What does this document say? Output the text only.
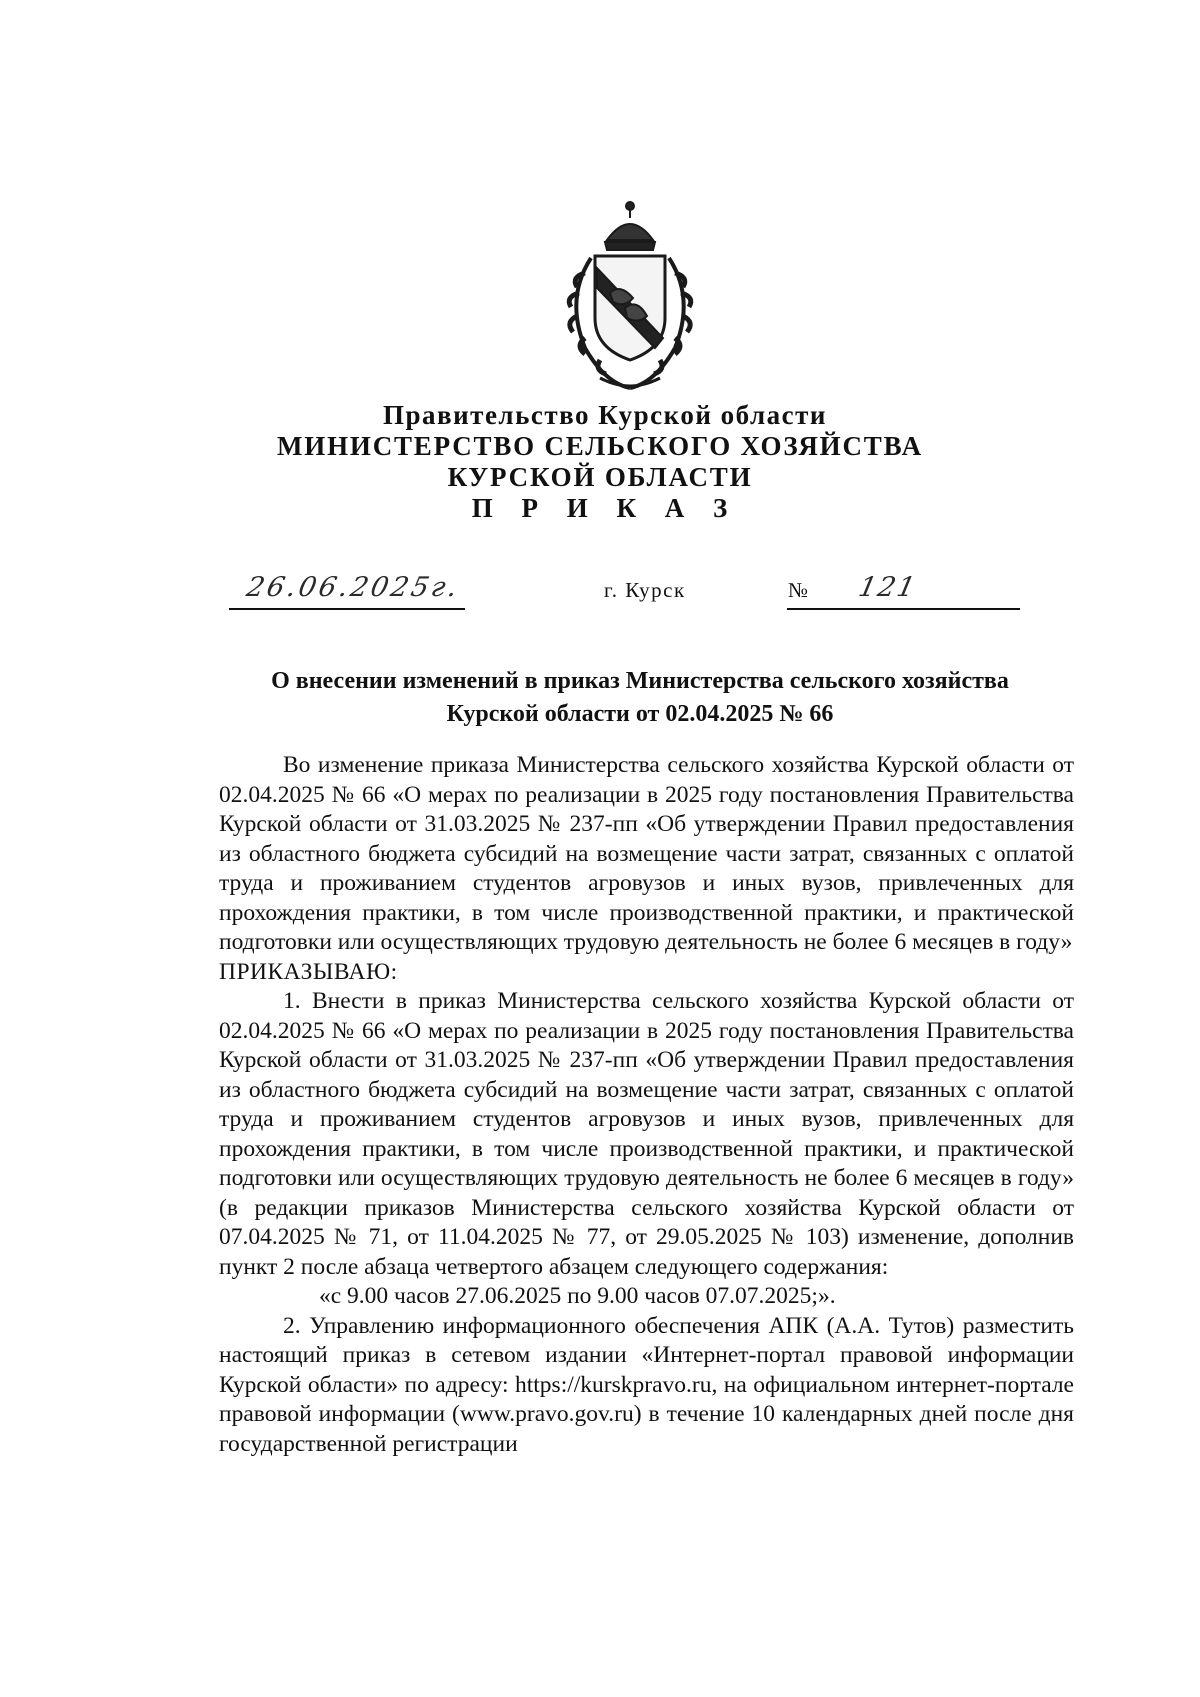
Правительство Курской области
МИНИСТЕРСТВО СЕЛЬСКОГО ХОЗЯЙСТВА
КУРСКОЙ ОБЛАСТИ
П Р И К А З
26.06.2025г.	г. Курск	121
№
О внесении изменений в приказ Министерства сельского хозяйства
Курской области от 02.04.2025 № 66

Во изменение приказа Министерства сельского хозяйства Курской области от 02.04.2025 № 66 «О мерах по реализации в 2025 году постановления Правительства Курской области от 31.03.2025 № 237-пп «Об утверждении Правил предоставления из областного бюджета субсидий на возмещение части затрат, связанных с оплатой труда и проживанием студентов агровузов и иных вузов, привлеченных для прохождения практики, в том числе производственной практики, и практической подготовки или осуществляющих трудовую деятельность не более 6 месяцев в году»

ПРИКАЗЫВАЮ:

1. Внести в приказ Министерства сельского хозяйства Курской области от 02.04.2025 № 66 «О мерах по реализации в 2025 году постановления Правительства Курской области от 31.03.2025 № 237-пп «Об утверждении Правил предоставления из областного бюджета субсидий на возмещение части затрат, связанных с оплатой труда и проживанием студентов агровузов и иных вузов, привлеченных для прохождения практики, в том числе производственной практики, и практической подготовки или осуществляющих трудовую деятельность не более 6 месяцев в году» (в редакции приказов Министерства сельского хозяйства Курской области от 07.04.2025 № 71, от 11.04.2025 № 77, от 29.05.2025 № 103) изменение, дополнив пункт 2 после абзаца четвертого абзацем следующего содержания:

«с 9.00 часов 27.06.2025 по 9.00 часов 07.07.2025;».

2. Управлению информационного обеспечения АПК (А.А. Тутов) разместить настоящий приказ в сетевом издании «Интернет-портал правовой информации Курской области» по адресу: https://kurskpravo.ru, на официальном интернет-портале правовой информации (www.pravo.gov.ru) в течение 10 календарных дней после дня государственной регистрации
